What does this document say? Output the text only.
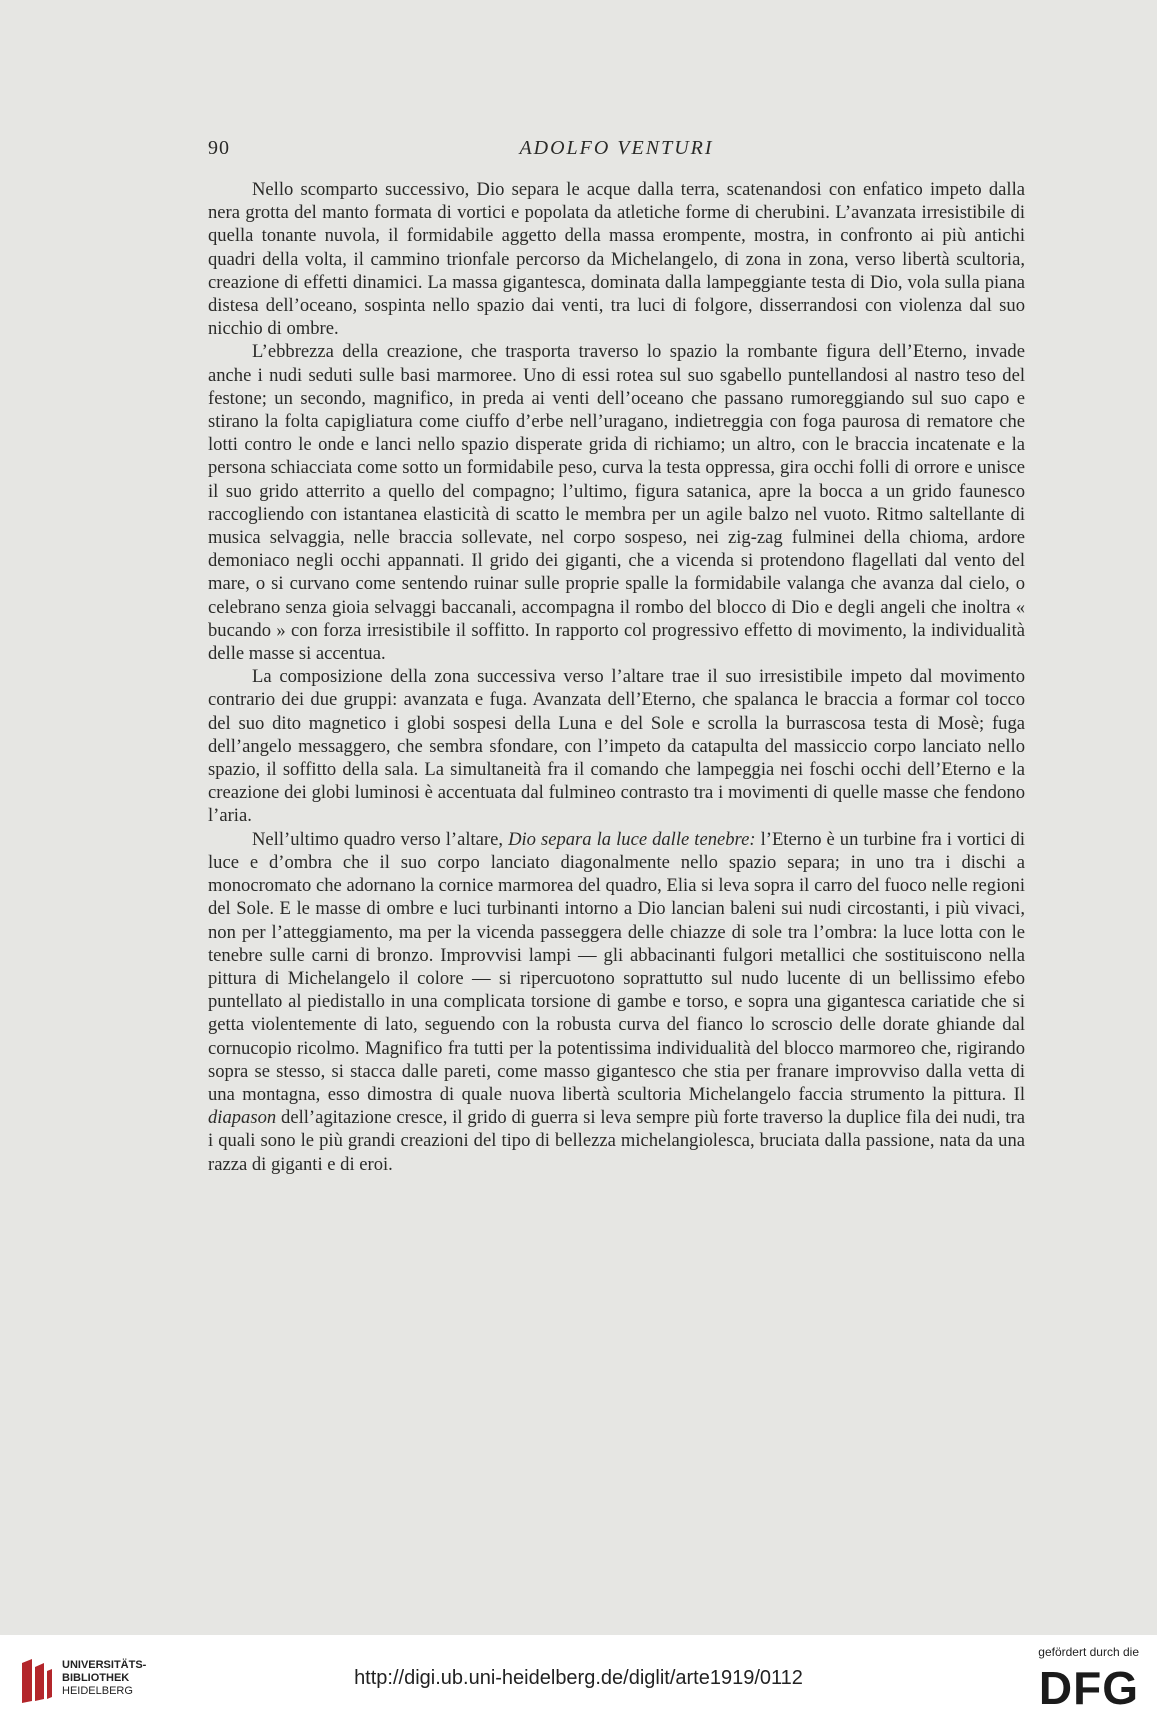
90	ADOLFO VENTURI

Nello scomparto successivo, Dio separa le acque dalla terra, scatenandosi con enfatico impeto dalla nera grotta del manto formata di vortici e popolata da atletiche forme di cherubini. L’avanzata irresistibile di quella tonante nuvola, il formidabile aggetto della massa erompente, mostra, in confronto ai più antichi quadri della volta, il cammino trionfale percorso da Michelangelo, di zona in zona, verso libertà scultoria, creazione di effetti dinamici. La massa gigantesca, dominata dalla lampeggiante testa di Dio, vola sulla piana distesa dell’oceano, sospinta nello spazio dai venti, tra luci di folgore, disserrandosi con violenza dal suo nicchio di ombre.

L’ebbrezza della creazione, che trasporta traverso lo spazio la rombante figura dell’Eterno, invade anche i nudi seduti sulle basi marmoree. Uno di essi rotea sul suo sgabello puntellandosi al nastro teso del festone; un secondo, magnifico, in preda ai venti dell’oceano che passano rumoreggiando sul suo capo e stirano la folta capigliatura come ciuffo d’erbe nell’uragano, indietreggia con foga paurosa di rematore che lotti contro le onde e lanci nello spazio disperate grida di richiamo; un altro, con le braccia incatenate e la persona schiacciata come sotto un formidabile peso, curva la testa oppressa, gira occhi folli di orrore e unisce il suo grido atterrito a quello del compagno; l’ultimo, figura satanica, apre la bocca a un grido faunesco raccogliendo con istantanea elasticità di scatto le membra per un agile balzo nel vuoto. Ritmo saltellante di musica selvaggia, nelle braccia sollevate, nel corpo sospeso, nei zig-zag fulminei della chioma, ardore demoniaco negli occhi appannati. Il grido dei giganti, che a vicenda si protendono flagellati dal vento del mare, o si curvano come sentendo ruinar sulle proprie spalle la formidabile valanga che avanza dal cielo, o celebrano senza gioia selvaggi baccanali, accompagna il rombo del blocco di Dio e degli angeli che inoltra « bucando » con forza irresistibile il soffitto. In rapporto col progressivo effetto di movimento, la individualità delle masse si accentua.

La composizione della zona successiva verso l’altare trae il suo irresistibile impeto dal movimento contrario dei due gruppi: avanzata e fuga. Avanzata dell’Eterno, che spalanca le braccia a formar col tocco del suo dito magnetico i globi sospesi della Luna e del Sole e scrolla la burrascosa testa di Mosè; fuga dell’angelo messaggero, che sembra sfondare, con l’impeto da catapulta del massiccio corpo lanciato nello spazio, il soffitto della sala. La simultaneità fra il comando che lampeggia nei foschi occhi dell’Eterno e la creazione dei globi luminosi è accentuata dal fulmineo contrasto tra i movimenti di quelle masse che fendono l’aria.

Nell’ultimo quadro verso l’altare, Dio separa la luce dalle tenebre: l’Eterno è un turbine fra i vortici di luce e d’ombra che il suo corpo lanciato diagonalmente nello spazio separa; in uno tra i dischi a monocromato che adornano la cornice marmorea del quadro, Elia si leva sopra il carro del fuoco nelle regioni del Sole. E le masse di ombre e luci turbinanti intorno a Dio lancian baleni sui nudi circostanti, i più vivaci, non per l’atteggiamento, ma per la vicenda passeggera delle chiazze di sole tra l’ombra: la luce lotta con le tenebre sulle carni di bronzo. Improvvisi lampi — gli abbacinanti fulgori metallici che sostituiscono nella pittura di Michelangelo il colore — si ripercuotono soprattutto sul nudo lucente di un bellissimo efebo puntellato al piedistallo in una complicata torsione di gambe e torso, e sopra una gigantesca cariatide che si getta violentemente di lato, seguendo con la robusta curva del fianco lo scroscio delle dorate ghiande dal cornucopio ricolmo. Magnifico fra tutti per la potentissima individualità del blocco marmoreo che, rigirando sopra se stesso, si stacca dalle pareti, come masso gigantesco che stia per franare improvviso dalla vetta di una montagna, esso dimostra di quale nuova libertà scultoria Michelangelo faccia strumento la pittura. Il diapason dell’agitazione cresce, il grido di guerra si leva sempre più forte traverso la duplice fila dei nudi, tra i quali sono le più grandi creazioni del tipo di bellezza michelangiolesca, bruciata dalla passione, nata da una razza di giganti e di eroi.

UNIVERSITÄTS-
BIBLIOTHEK
HEIDELBERG
http://digi.ub.uni-heidelberg.de/diglit/arte1919/0112
gefördert durch die
DFG
